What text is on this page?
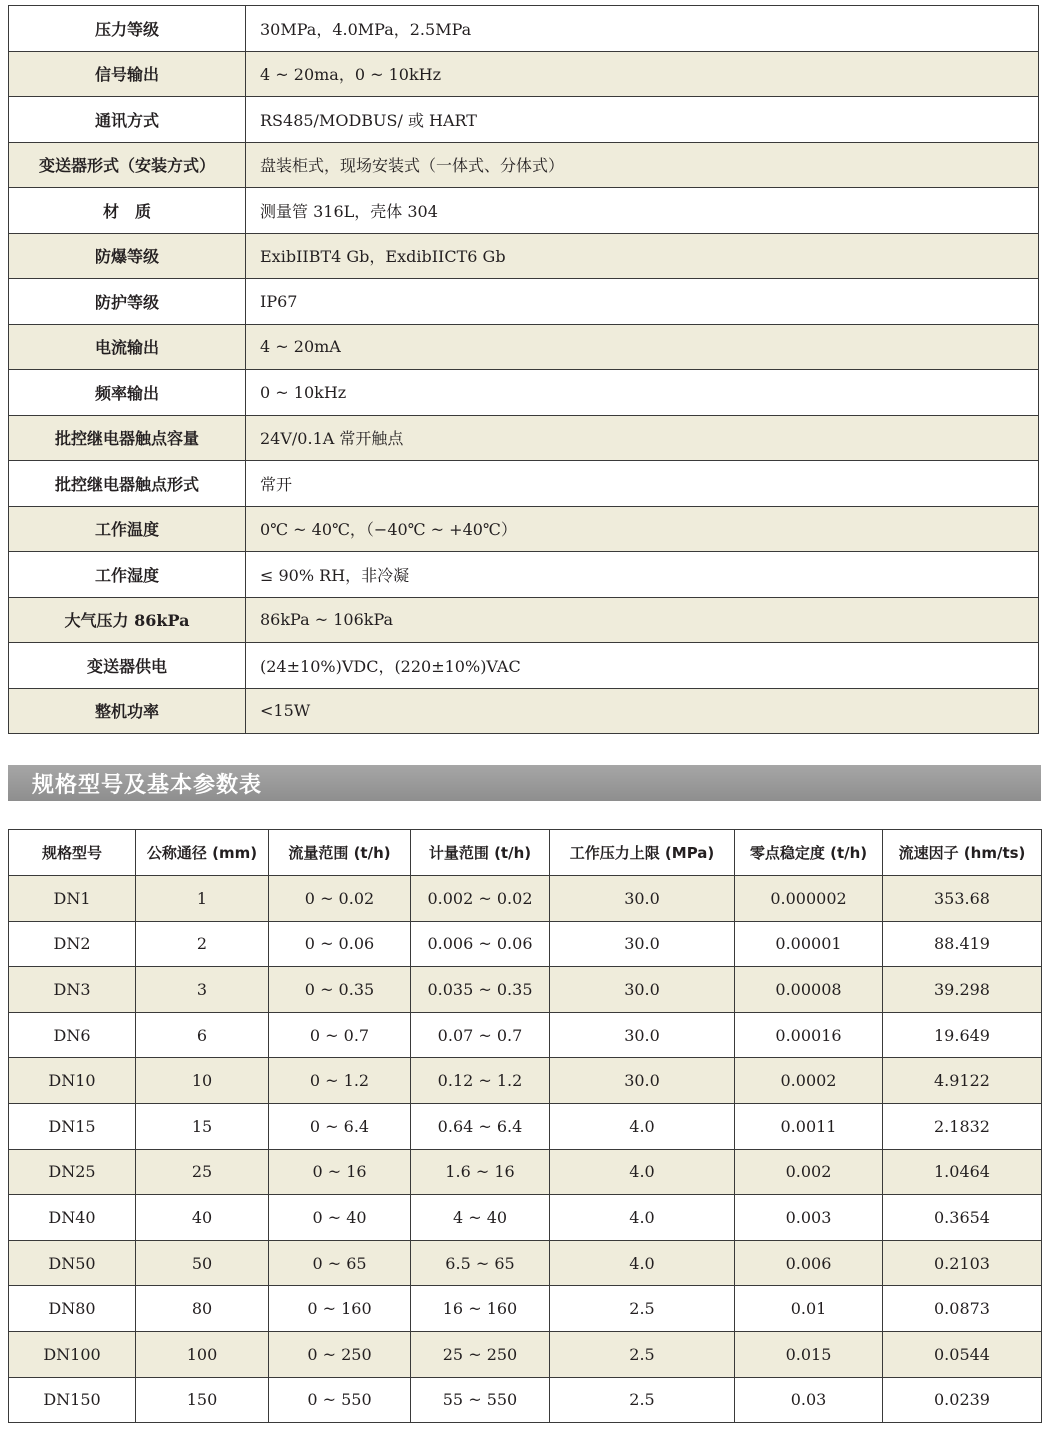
压力等级	30MPa，4.0MPa，2.5MPa
信号输出	4 ~ 20ma，0 ~ 10kHz
通讯方式	RS485/MODBUS/ 或 HART
变送器形式（安装方式）	盘装柜式，现场安装式（一体式、分体式）
材　质	测量管 316L，壳体 304
防爆等级	ExibIIBT4 Gb，ExdibIICT6 Gb
防护等级	IP67
电流输出	4 ~ 20mA
频率输出	0 ~ 10kHz
批控继电器触点容量	24V/0.1A 常开触点
批控继电器触点形式	常开
工作温度	0℃ ~ 40℃，（−40℃ ~ +40℃）
工作湿度	≤ 90% RH，非冷凝
大气压力 86kPa	86kPa ~ 106kPa
变送器供电	(24±10%)VDC，(220±10%)VAC
整机功率	<15W
规格型号及基本参数表
规格型号	公称通径 (mm)	流量范围 (t/h)	计量范围 (t/h)	工作压力上限 (MPa)	零点稳定度 (t/h)	流速因子 (hm/ts)
DN1	1	0 ~ 0.02	0.002 ~ 0.02	30.0	0.000002	353.68
DN2	2	0 ~ 0.06	0.006 ~ 0.06	30.0	0.00001	88.419
DN3	3	0 ~ 0.35	0.035 ~ 0.35	30.0	0.00008	39.298
DN6	6	0 ~ 0.7	0.07 ~ 0.7	30.0	0.00016	19.649
DN10	10	0 ~ 1.2	0.12 ~ 1.2	30.0	0.0002	4.9122
DN15	15	0 ~ 6.4	0.64 ~ 6.4	4.0	0.0011	2.1832
DN25	25	0 ~ 16	1.6 ~ 16	4.0	0.002	1.0464
DN40	40	0 ~ 40	4 ~ 40	4.0	0.003	0.3654
DN50	50	0 ~ 65	6.5 ~ 65	4.0	0.006	0.2103
DN80	80	0 ~ 160	16 ~ 160	2.5	0.01	0.0873
DN100	100	0 ~ 250	25 ~ 250	2.5	0.015	0.0544
DN150	150	0 ~ 550	55 ~ 550	2.5	0.03	0.0239
